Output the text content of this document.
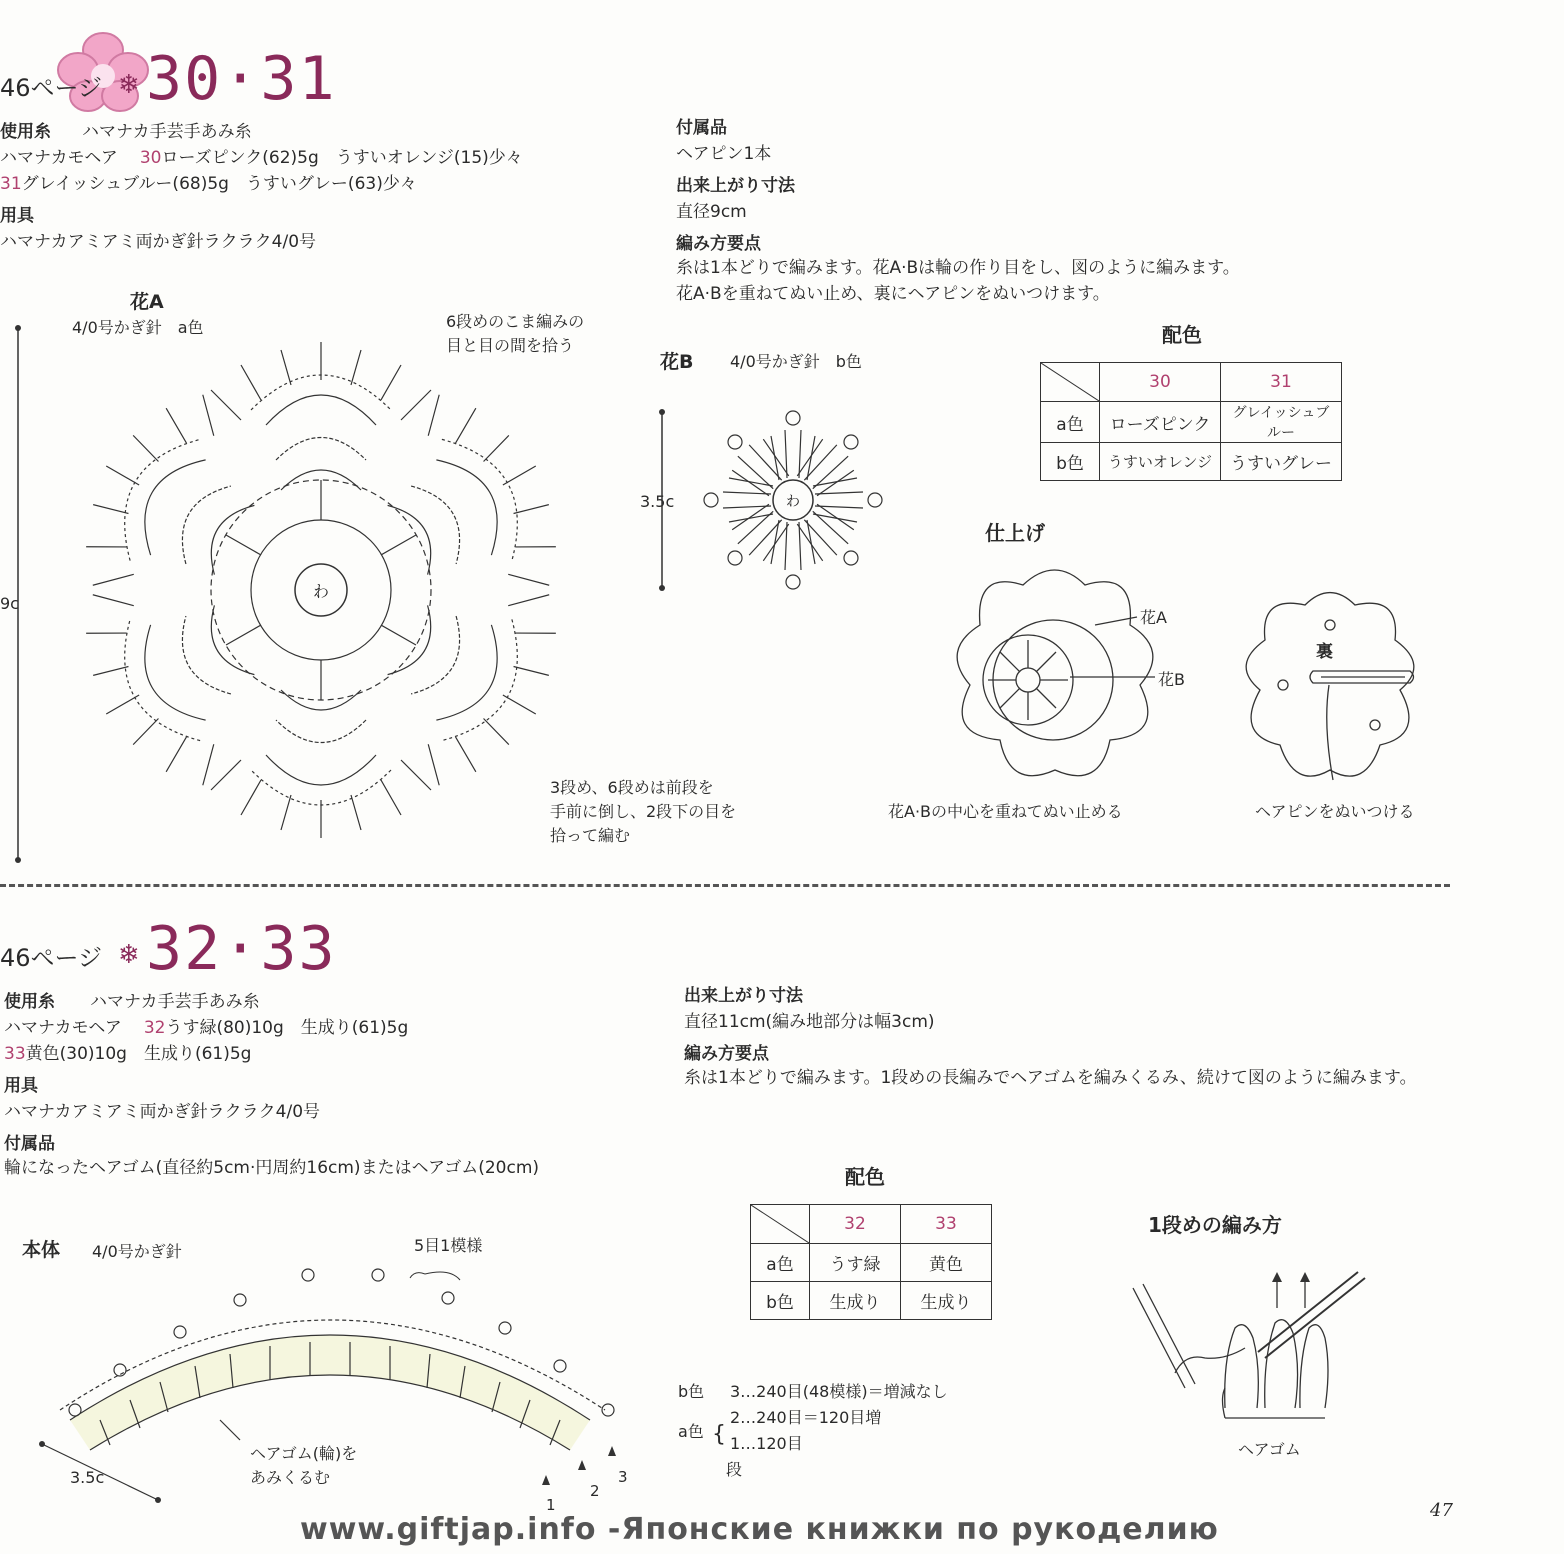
46ページ ❄ 30·31
使用糸 ハマナカ手芸手あみ糸
ハマナカモヘア 30ローズピンク(62)5g　うすいオレンジ(15)少々
31グレイッシュブルー(68)5g　うすいグレー(63)少々
用具
ハマナカアミアミ両かぎ針ラクラク4/0号
付属品
ヘアピン1本
出来上がり寸法
直径9cm
編み方要点
糸は1本どりで編みます。花A·Bは輪の作り目をし、図のように編みます。
花A·Bを重ねてぬい止め、裏にヘアピンをぬいつけます。
花A
4/0号かぎ針　a色	6段めのこま編みの
目と目の間を拾う
9c
3段め、6段めは前段を
手前に倒し、2段下の目を
拾って編む
わ
花B 4/0号かぎ針　b色
3.5c	わ
配色
	30	31
a色	ローズピンク	グレイッシュブルー
b色	うすいオレンジ	うすいグレー
仕上げ
花A
花B
花A·Bの中心を重ねてぬい止める
裏
ヘアピンをぬいつける
46ページ ❄ 32·33
使用糸 ハマナカ手芸手あみ糸
ハマナカモヘア 32うす緑(80)10g　生成り(61)5g
33黄色(30)10g　生成り(61)5g
用具
ハマナカアミアミ両かぎ針ラクラク4/0号
付属品
輪になったヘアゴム(直径約5cm·円周約16cm)またはヘアゴム(20cm)
出来上がり寸法
直径11cm(編み地部分は幅3cm)
編み方要点
糸は1本どりで編みます。1段めの長編みでヘアゴムを編みくるみ、続けて図のように編みます。
本体 4/0号かぎ針	5目1模様
ヘアゴム(輪)を
あみくるむ
3.5c
1
2
3
配色
	32	33
a色	うす緑	黄色
b色	生成り	生成り
b色 3…240目(48模様)＝増減なし
a色 {
2…240目＝120目増
1…120目
段
1段めの編み方
ヘアゴム
www.giftjap.info -Японские книжки по рукоделию
47
